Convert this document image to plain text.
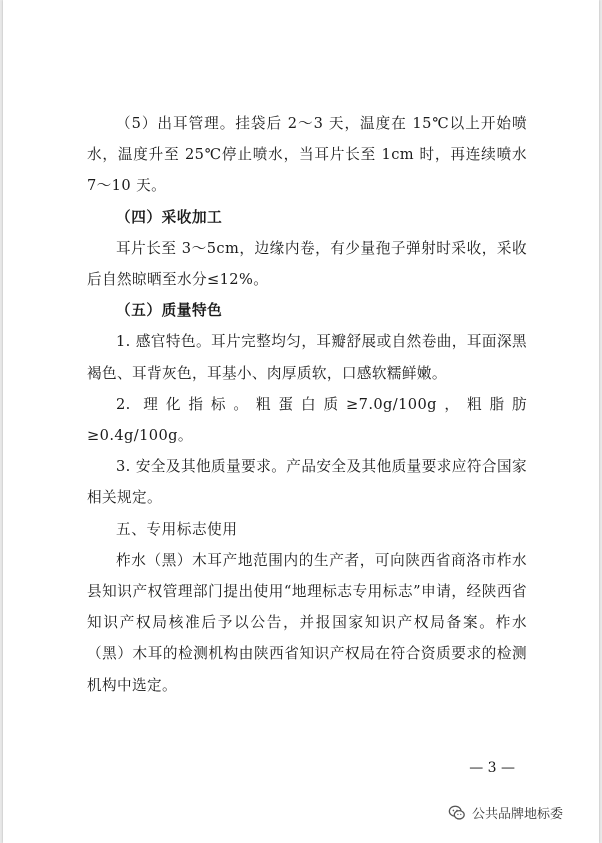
（5）出耳管理。挂袋后 2～3 天，温度在 15℃以上开始喷水，温度升至 25℃停止喷水，当耳片长至 1cm 时，再连续喷水 7～10 天。

（四）采收加工

耳片长至 3～5cm，边缘内卷，有少量孢子弹射时采收，采收后自然晾晒至水分≤12%。

（五）质量特色

1. 感官特色。耳片完整均匀，耳瓣舒展或自然卷曲，耳面深黑褐色、耳背灰色，耳基小、肉厚质软，口感软糯鲜嫩。

2. 理化指标。粗蛋白质≥7.0g/100g，粗脂肪≥0.4g/100g。

3. 安全及其他质量要求。产品安全及其他质量要求应符合国家相关规定。

五、专用标志使用

柞水（黑）木耳产地范围内的生产者，可向陕西省商洛市柞水县知识产权管理部门提出使用“地理标志专用标志”申请，经陕西省知识产权局核准后予以公告，并报国家知识产权局备案。柞水（黑）木耳的检测机构由陕西省知识产权局在符合资质要求的检测机构中选定。

— 3 —
公共品牌地标委
